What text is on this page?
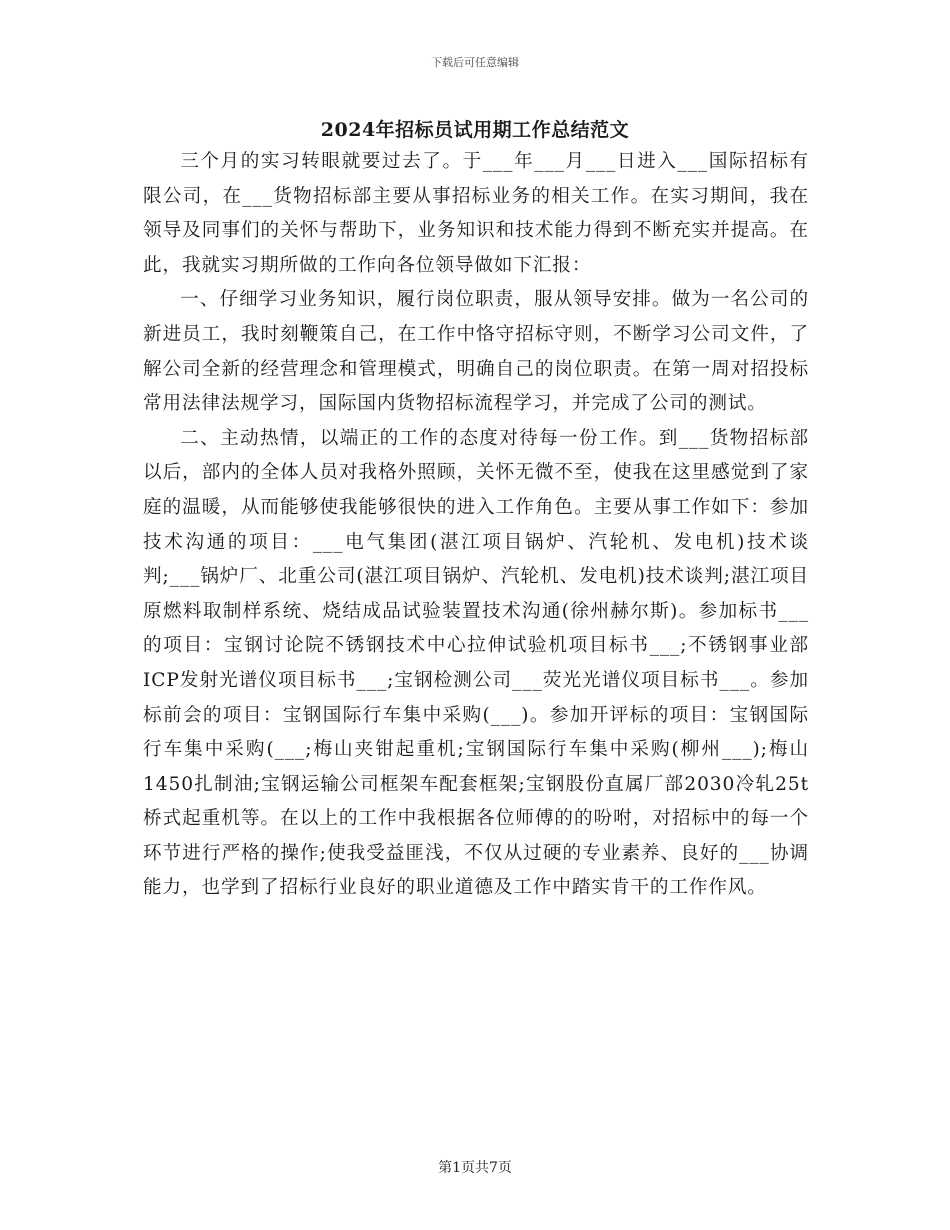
下载后可任意编辑
2024年招标员试用期工作总结范文

三个月的实习转眼就要过去了。于___年___月___日进入___国际招标有限公司，在___货物招标部主要从事招标业务的相关工作。在实习期间，我在领导及同事们的关怀与帮助下，业务知识和技术能力得到不断充实并提高。在此，我就实习期所做的工作向各位领导做如下汇报：

一、仔细学习业务知识，履行岗位职责，服从领导安排。做为一名公司的新进员工，我时刻鞭策自己，在工作中恪守招标守则，不断学习公司文件，了解公司全新的经营理念和管理模式，明确自己的岗位职责。在第一周对招投标常用法律法规学习，国际国内货物招标流程学习，并完成了公司的测试。

二、主动热情，以端正的工作的态度对待每一份工作。到___货物招标部以后，部内的全体人员对我格外照顾，关怀无微不至，使我在这里感觉到了家庭的温暖，从而能够使我能够很快的进入工作角色。主要从事工作如下：参加技术沟通的项目：___电气集团(湛江项目锅炉、汽轮机、发电机)技术谈判;___锅炉厂、北重公司(湛江项目锅炉、汽轮机、发电机)技术谈判;湛江项目原燃料取制样系统、烧结成品试验装置技术沟通(徐州赫尔斯)。参加标书___的项目：宝钢讨论院不锈钢技术中心拉伸试验机项目标书___;不锈钢事业部ICP发射光谱仪项目标书___;宝钢检测公司___荧光光谱仪项目标书___。参加标前会的项目：宝钢国际行车集中采购(___)。参加开评标的项目：宝钢国际行车集中采购(___;梅山夹钳起重机;宝钢国际行车集中采购(柳州___);梅山1450扎制油;宝钢运输公司框架车配套框架;宝钢股份直属厂部2030冷轧25t桥式起重机等。在以上的工作中我根据各位师傅的的吩咐，对招标中的每一个环节进行严格的操作;使我受益匪浅，不仅从过硬的专业素养、良好的___协调能力，也学到了招标行业良好的职业道德及工作中踏实肯干的工作作风。

第1页共7页
